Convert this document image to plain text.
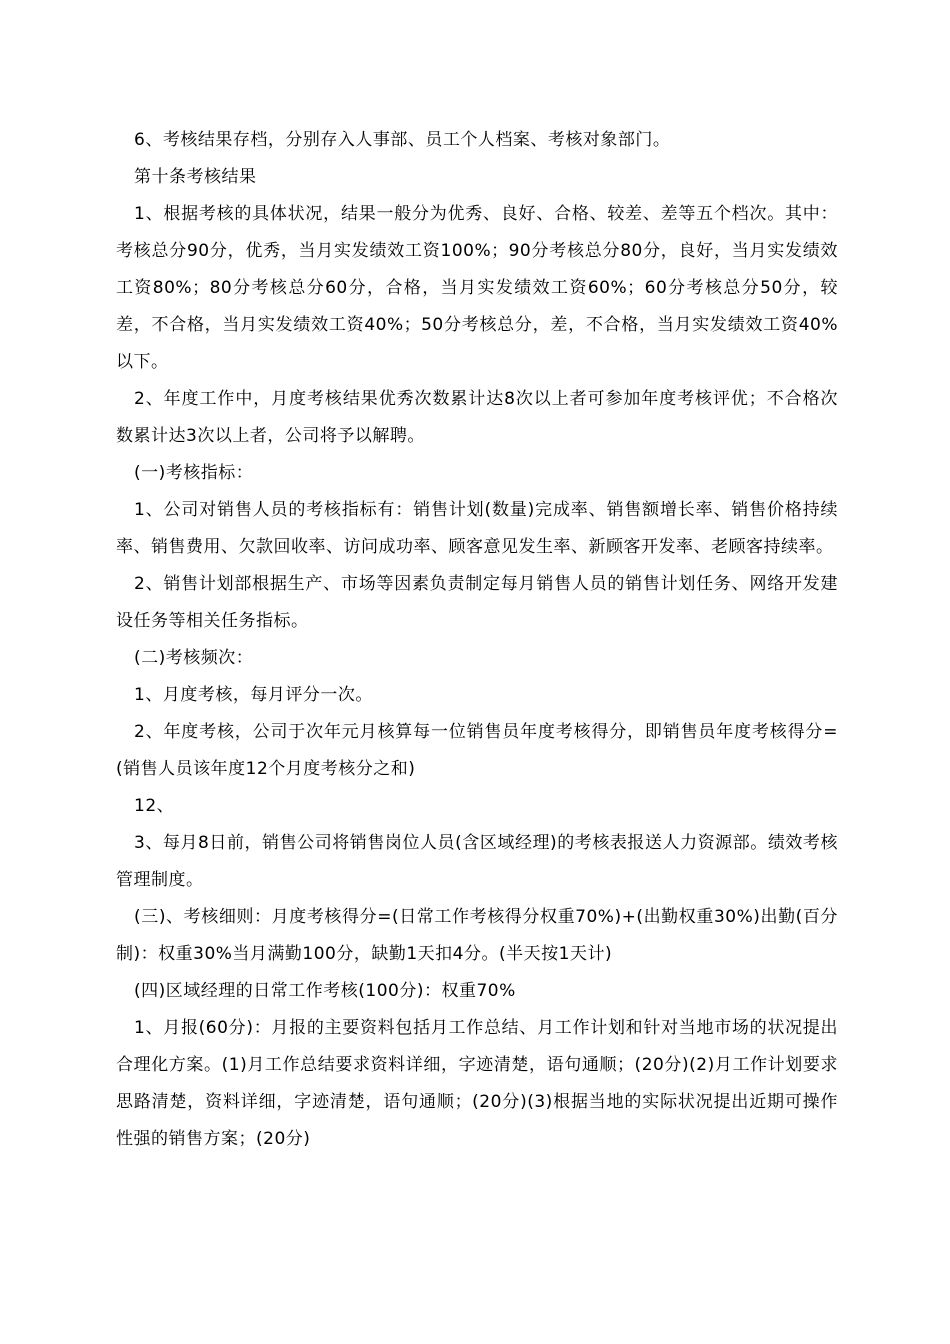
6、考核结果存档，分别存入人事部、员工个人档案、考核对象部门。

第十条考核结果

1、根据考核的具体状况，结果一般分为优秀、良好、合格、较差、差等五个档次。其中：考核总分90分，优秀，当月实发绩效工资100%；90分考核总分80分，良好，当月实发绩效工资80%；80分考核总分60分，合格，当月实发绩效工资60%；60分考核总分50分，较差，不合格，当月实发绩效工资40%；50分考核总分，差，不合格，当月实发绩效工资40%以下。

2、年度工作中，月度考核结果优秀次数累计达8次以上者可参加年度考核评优；不合格次数累计达3次以上者，公司将予以解聘。

(一)考核指标：

1、公司对销售人员的考核指标有：销售计划(数量)完成率、销售额增长率、销售价格持续率、销售费用、欠款回收率、访问成功率、顾客意见发生率、新顾客开发率、老顾客持续率。

2、销售计划部根据生产、市场等因素负责制定每月销售人员的销售计划任务、网络开发建设任务等相关任务指标。

(二)考核频次：

1、月度考核，每月评分一次。

2、年度考核，公司于次年元月核算每一位销售员年度考核得分，即销售员年度考核得分=(销售人员该年度12个月度考核分之和)

12、

3、每月8日前，销售公司将销售岗位人员(含区域经理)的考核表报送人力资源部。绩效考核管理制度。

(三)、考核细则：月度考核得分=(日常工作考核得分权重70%)+(出勤权重30%)出勤(百分制)：权重30%当月满勤100分，缺勤1天扣4分。(半天按1天计)

(四)区域经理的日常工作考核(100分)：权重70%

1、月报(60分)：月报的主要资料包括月工作总结、月工作计划和针对当地市场的状况提出合理化方案。(1)月工作总结要求资料详细，字迹清楚，语句通顺；(20分)(2)月工作计划要求思路清楚，资料详细，字迹清楚，语句通顺；(20分)(3)根据当地的实际状况提出近期可操作性强的销售方案；(20分)
